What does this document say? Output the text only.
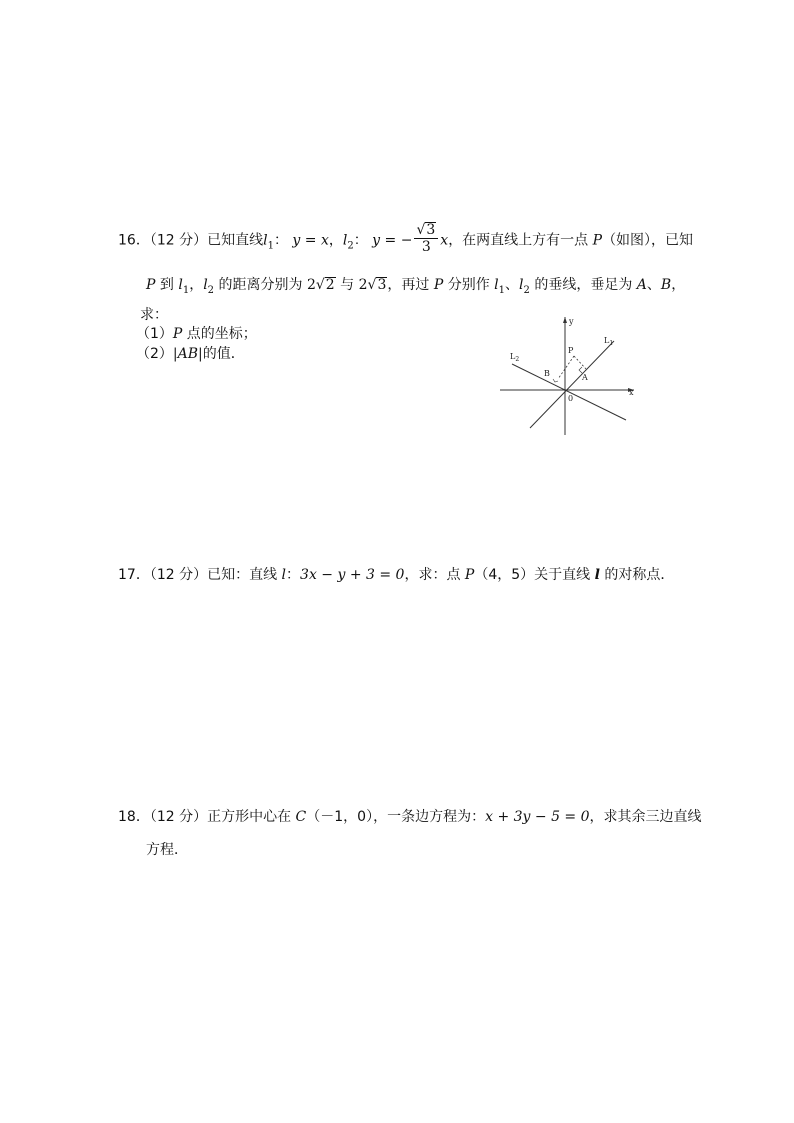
16．（12 分）已知直线$l_1$： y = x，$l_2$： y = − $\frac{√3}{3}$ x，在两直线上方有一点 P（如图），已知
P 到 $l_1$，$l_2$ 的距离分别为 2√2 与 2√3，再过 P 分别作 $l_1$、$l_2$ 的垂线，垂足为 A、B，
求：
（1）P 点的坐标；
（2）|AB|的值．
y
x
0
P
A
B
$L_1$
$L_2$
17．（12 分）已知：直线 l：3x − y + 3 = 0，求：点 P（4，5）关于直线 l 的对称点．
18．（12 分）正方形中心在 C（－1，0），一条边方程为：x + 3y − 5 = 0，求其余三边直线
方程．
